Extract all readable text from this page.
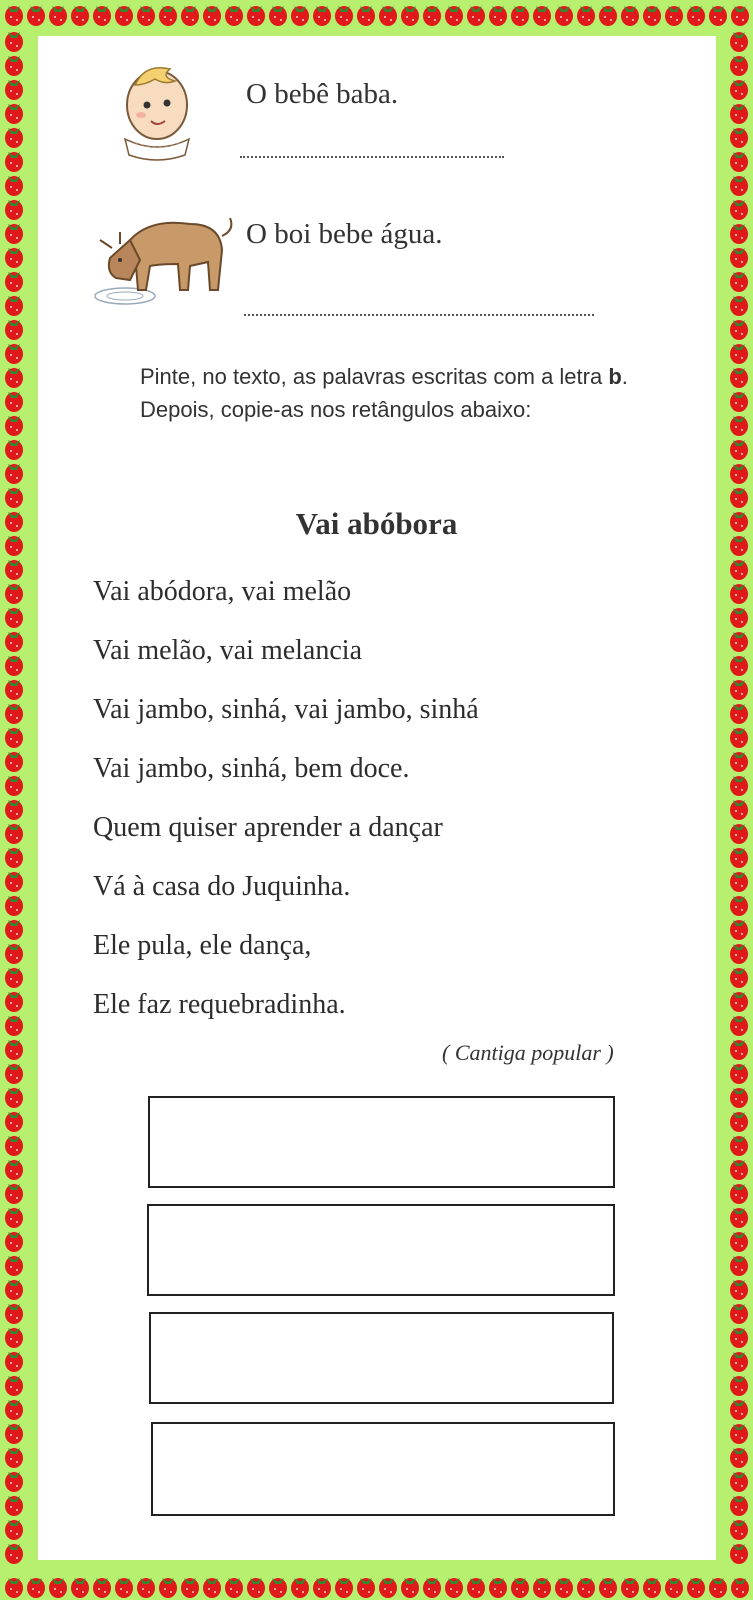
O bebê baba.
O boi bebe água.
Pinte, no texto, as palavras escritas com a letra b. Depois, copie-as nos retângulos abaixo:
Vai abóbora
Vai abódora, vai melão
Vai melão, vai melancia
Vai jambo, sinhá, vai jambo, sinhá
Vai jambo, sinhá, bem doce.
Quem quiser aprender a dançar
Vá à casa do Juquinha.
Ele pula, ele dança,
Ele faz requebradinha.
( Cantiga popular )
